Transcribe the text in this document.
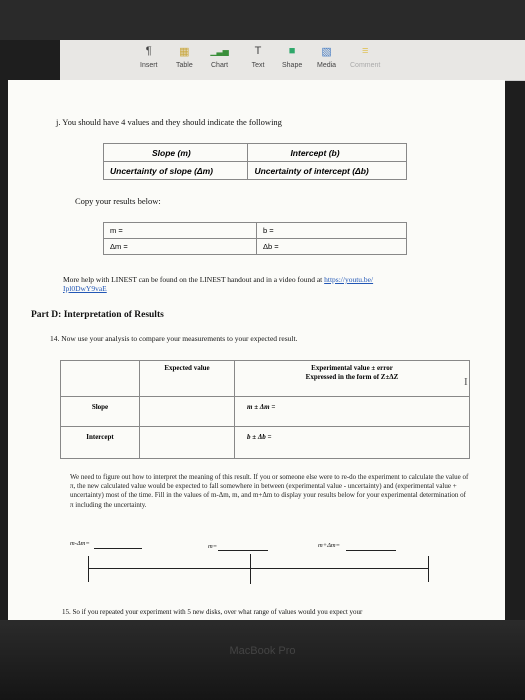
¶
Insert
▦
Table
▁▃▅
Chart
T
Text
■
Shape
▧
Media
≡
Comment
j. You should have 4 values and they should indicate the following
Slope (m)	Intercept (b)
Uncertainty of slope (Δm)	Uncertainty of intercept (Δb)
Copy your results below:
m =	b =
Δm =	Δb =
More help with LINEST can be found on the LINEST handout and in a video found at https://youtu.be/
Ipl0DwY9vaE
Part D: Interpretation of Results
14. Now use your analysis to compare your measurements to your expected result.
	Expected value	Experimental value ± error
Expressed in the form of Z±ΔZ
Slope		m ± Δm =
Intercept		b ± Δb =
I
We need to figure out how to interpret the meaning of this result. If you or someone else were to re-do the experiment to calculate the value of π, the new calculated value would be expected to fall somewhere in between (experimental value - uncertainty) and (experimental value + uncertainty) most of the time. Fill in the values of m-Δm, m, and m+Δm to display your results below for your experimental determination of π including the uncertainty.
m-Δm=	m=	m+Δm=
15. So if you repeated your experiment with 5 new disks, over what range of values would you expect your
MacBook Pro
